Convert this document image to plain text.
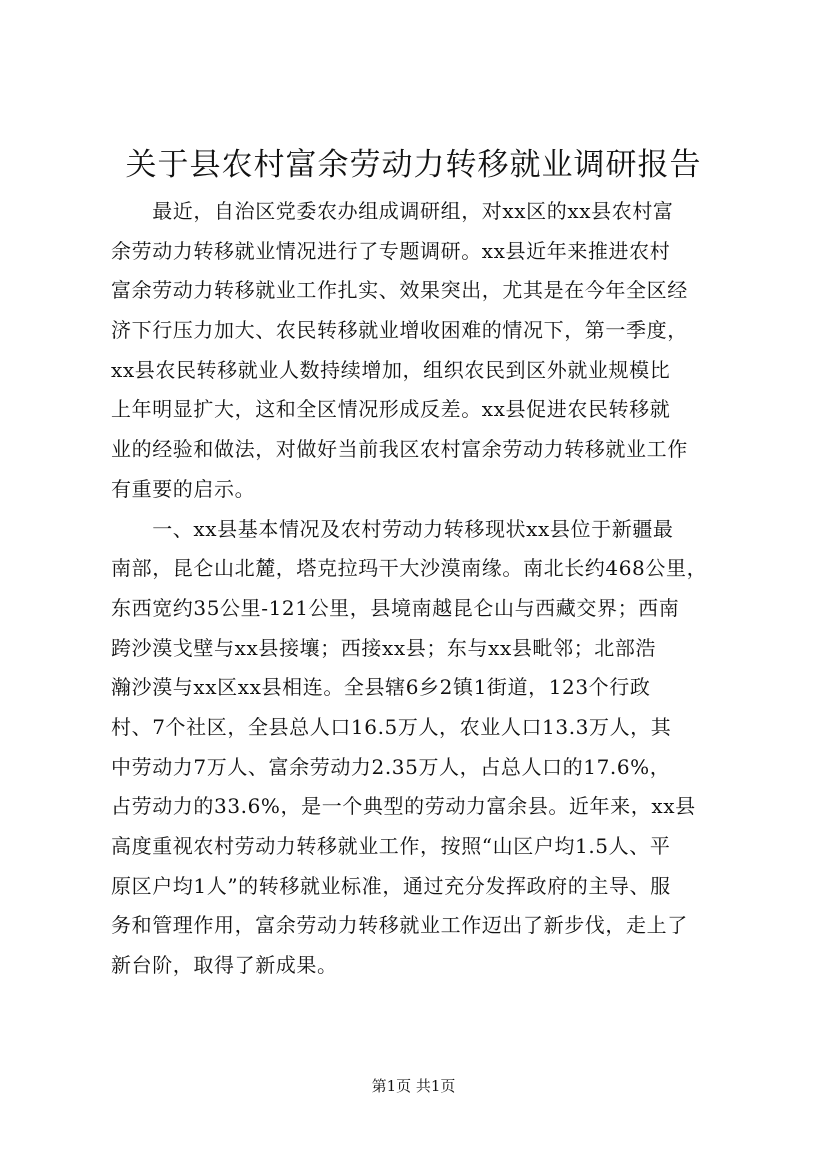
关于县农村富余劳动力转移就业调研报告
　　最近，自治区党委农办组成调研组，对xx区的xx县农村富
余劳动力转移就业情况进行了专题调研。xx县近年来推进农村
富余劳动力转移就业工作扎实、效果突出，尤其是在今年全区经
济下行压力加大、农民转移就业增收困难的情况下，第一季度，
xx县农民转移就业人数持续增加，组织农民到区外就业规模比
上年明显扩大，这和全区情况形成反差。xx县促进农民转移就
业的经验和做法，对做好当前我区农村富余劳动力转移就业工作
有重要的启示。
　　一、xx县基本情况及农村劳动力转移现状xx县位于新疆最
南部，昆仑山北麓，塔克拉玛干大沙漠南缘。南北长约468公里，
东西宽约35公里-121公里，县境南越昆仑山与西藏交界；西南
跨沙漠戈壁与xx县接壤；西接xx县；东与xx县毗邻；北部浩
瀚沙漠与xx区xx县相连。全县辖6乡2镇1街道，123个行政
村、7个社区，全县总人口16.5万人，农业人口13.3万人，其
中劳动力7万人、富余劳动力2.35万人，占总人口的17.6%，
占劳动力的33.6%，是一个典型的劳动力富余县。近年来，xx县
高度重视农村劳动力转移就业工作，按照“山区户均1.5人、平
原区户均1人”的转移就业标准，通过充分发挥政府的主导、服
务和管理作用，富余劳动力转移就业工作迈出了新步伐，走上了
新台阶，取得了新成果。
第1页 共1页
